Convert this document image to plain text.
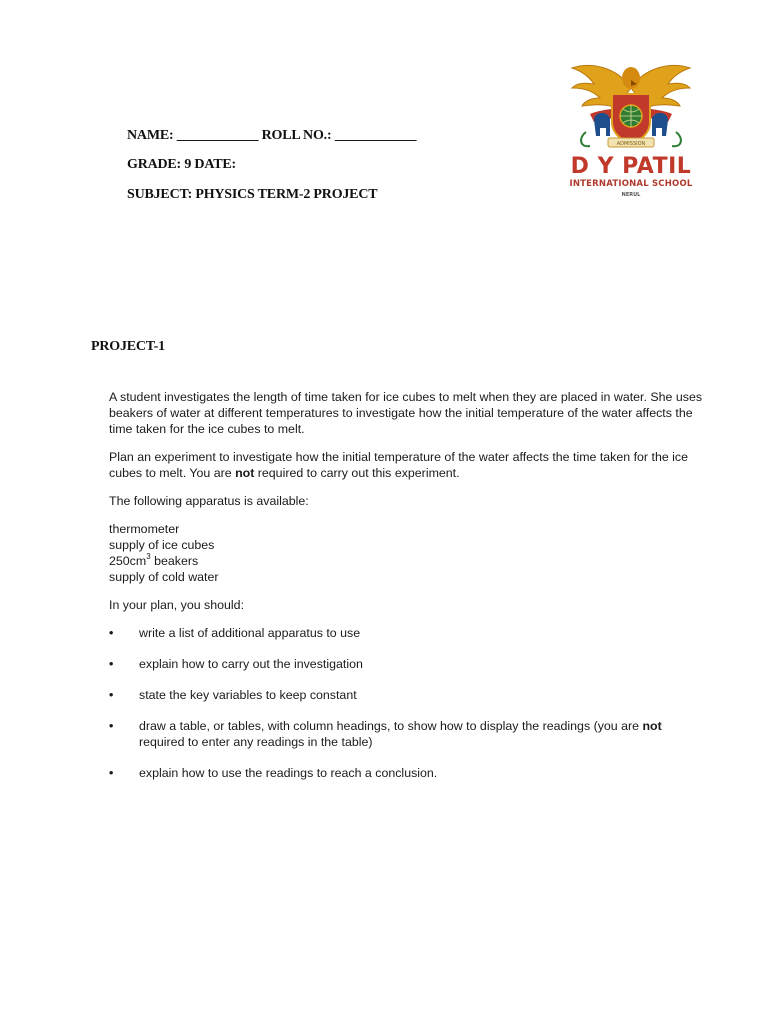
NAME: ____________ ROLL NO.: ____________
GRADE: 9 DATE:
SUBJECT: PHYSICS TERM-2 PROJECT
ADMISSION
D Y PATIL
INTERNATIONAL SCHOOL
NERUL
PROJECT-1

A student investigates the length of time taken for ice cubes to melt when they are placed in water. She uses beakers of water at different temperatures to investigate how the initial temperature of the water affects the time taken for the ice cubes to melt.

Plan an experiment to investigate how the initial temperature of the water affects the time taken for the ice cubes to melt. You are not required to carry out this experiment.

The following apparatus is available:

thermometer
supply of ice cubes
$250cm^3$ beakers
supply of cold water

In your plan, you should:

• write a list of additional apparatus to use
• explain how to carry out the investigation
• state the key variables to keep constant
• draw a table, or tables, with column headings, to show how to display the readings (you are not required to enter any readings in the table)
• explain how to use the readings to reach a conclusion.
